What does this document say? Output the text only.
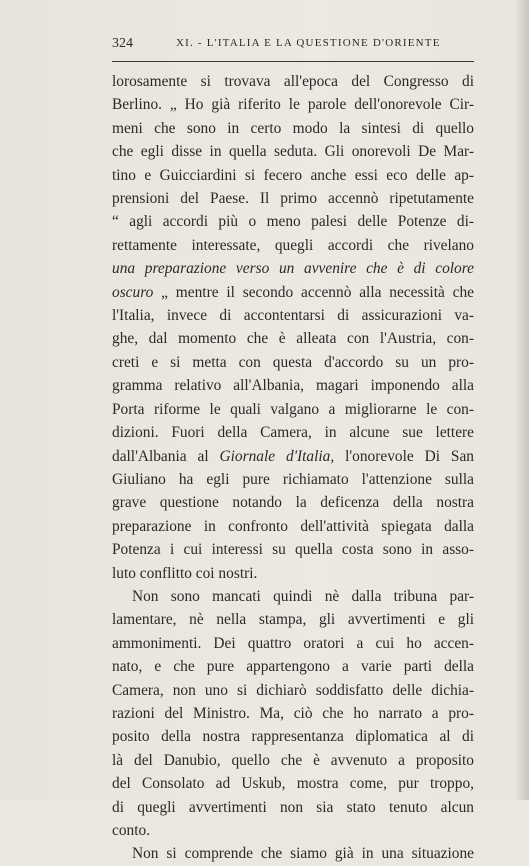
324	XI. - L'ITALIA E LA QUESTIONE D'ORIENTE
lorosamente si trovava all'epoca del Congresso di
Berlino. „ Ho già riferito le parole dell'onorevole Cir-
meni che sono in certo modo la sintesi di quello
che egli disse in quella seduta. Gli onorevoli De Mar-
tino e Guicciardini si fecero anche essi eco delle ap-
prensioni del Paese. Il primo accennò ripetutamente
“ agli accordi più o meno palesi delle Potenze di-
rettamente interessate, quegli accordi che rivelano
una preparazione verso un avvenire che è di colore
oscuro „ mentre il secondo accennò alla necessità che
l'Italia, invece di accontentarsi di assicurazioni va-
ghe, dal momento che è alleata con l'Austria, con-
creti e si metta con questa d'accordo su un pro-
gramma relativo all'Albania, magari imponendo alla
Porta riforme le quali valgano a migliorarne le con-
dizioni. Fuori della Camera, in alcune sue lettere
dall'Albania al Giornale d'Italia, l'onorevole Di San
Giuliano ha egli pure richiamato l'attenzione sulla
grave questione notando la deficenza della nostra
preparazione in confronto dell'attività spiegata dalla
Potenza i cui interessi su quella costa sono in asso-
luto conflitto coi nostri.
Non sono mancati quindi nè dalla tribuna par-
lamentare, nè nella stampa, gli avvertimenti e gli
ammonimenti. Dei quattro oratori a cui ho accen-
nato, e che pure appartengono a varie parti della
Camera, non uno si dichiarò soddisfatto delle dichia-
razioni del Ministro. Ma, ciò che ho narrato a pro-
posito della nostra rappresentanza diplomatica al di
là del Danubio, quello che è avvenuto a proposito
del Consolato ad Uskub, mostra come, pur troppo,
di quegli avvertimenti non sia stato tenuto alcun
conto.
Non si comprende che siamo già in una situazione
